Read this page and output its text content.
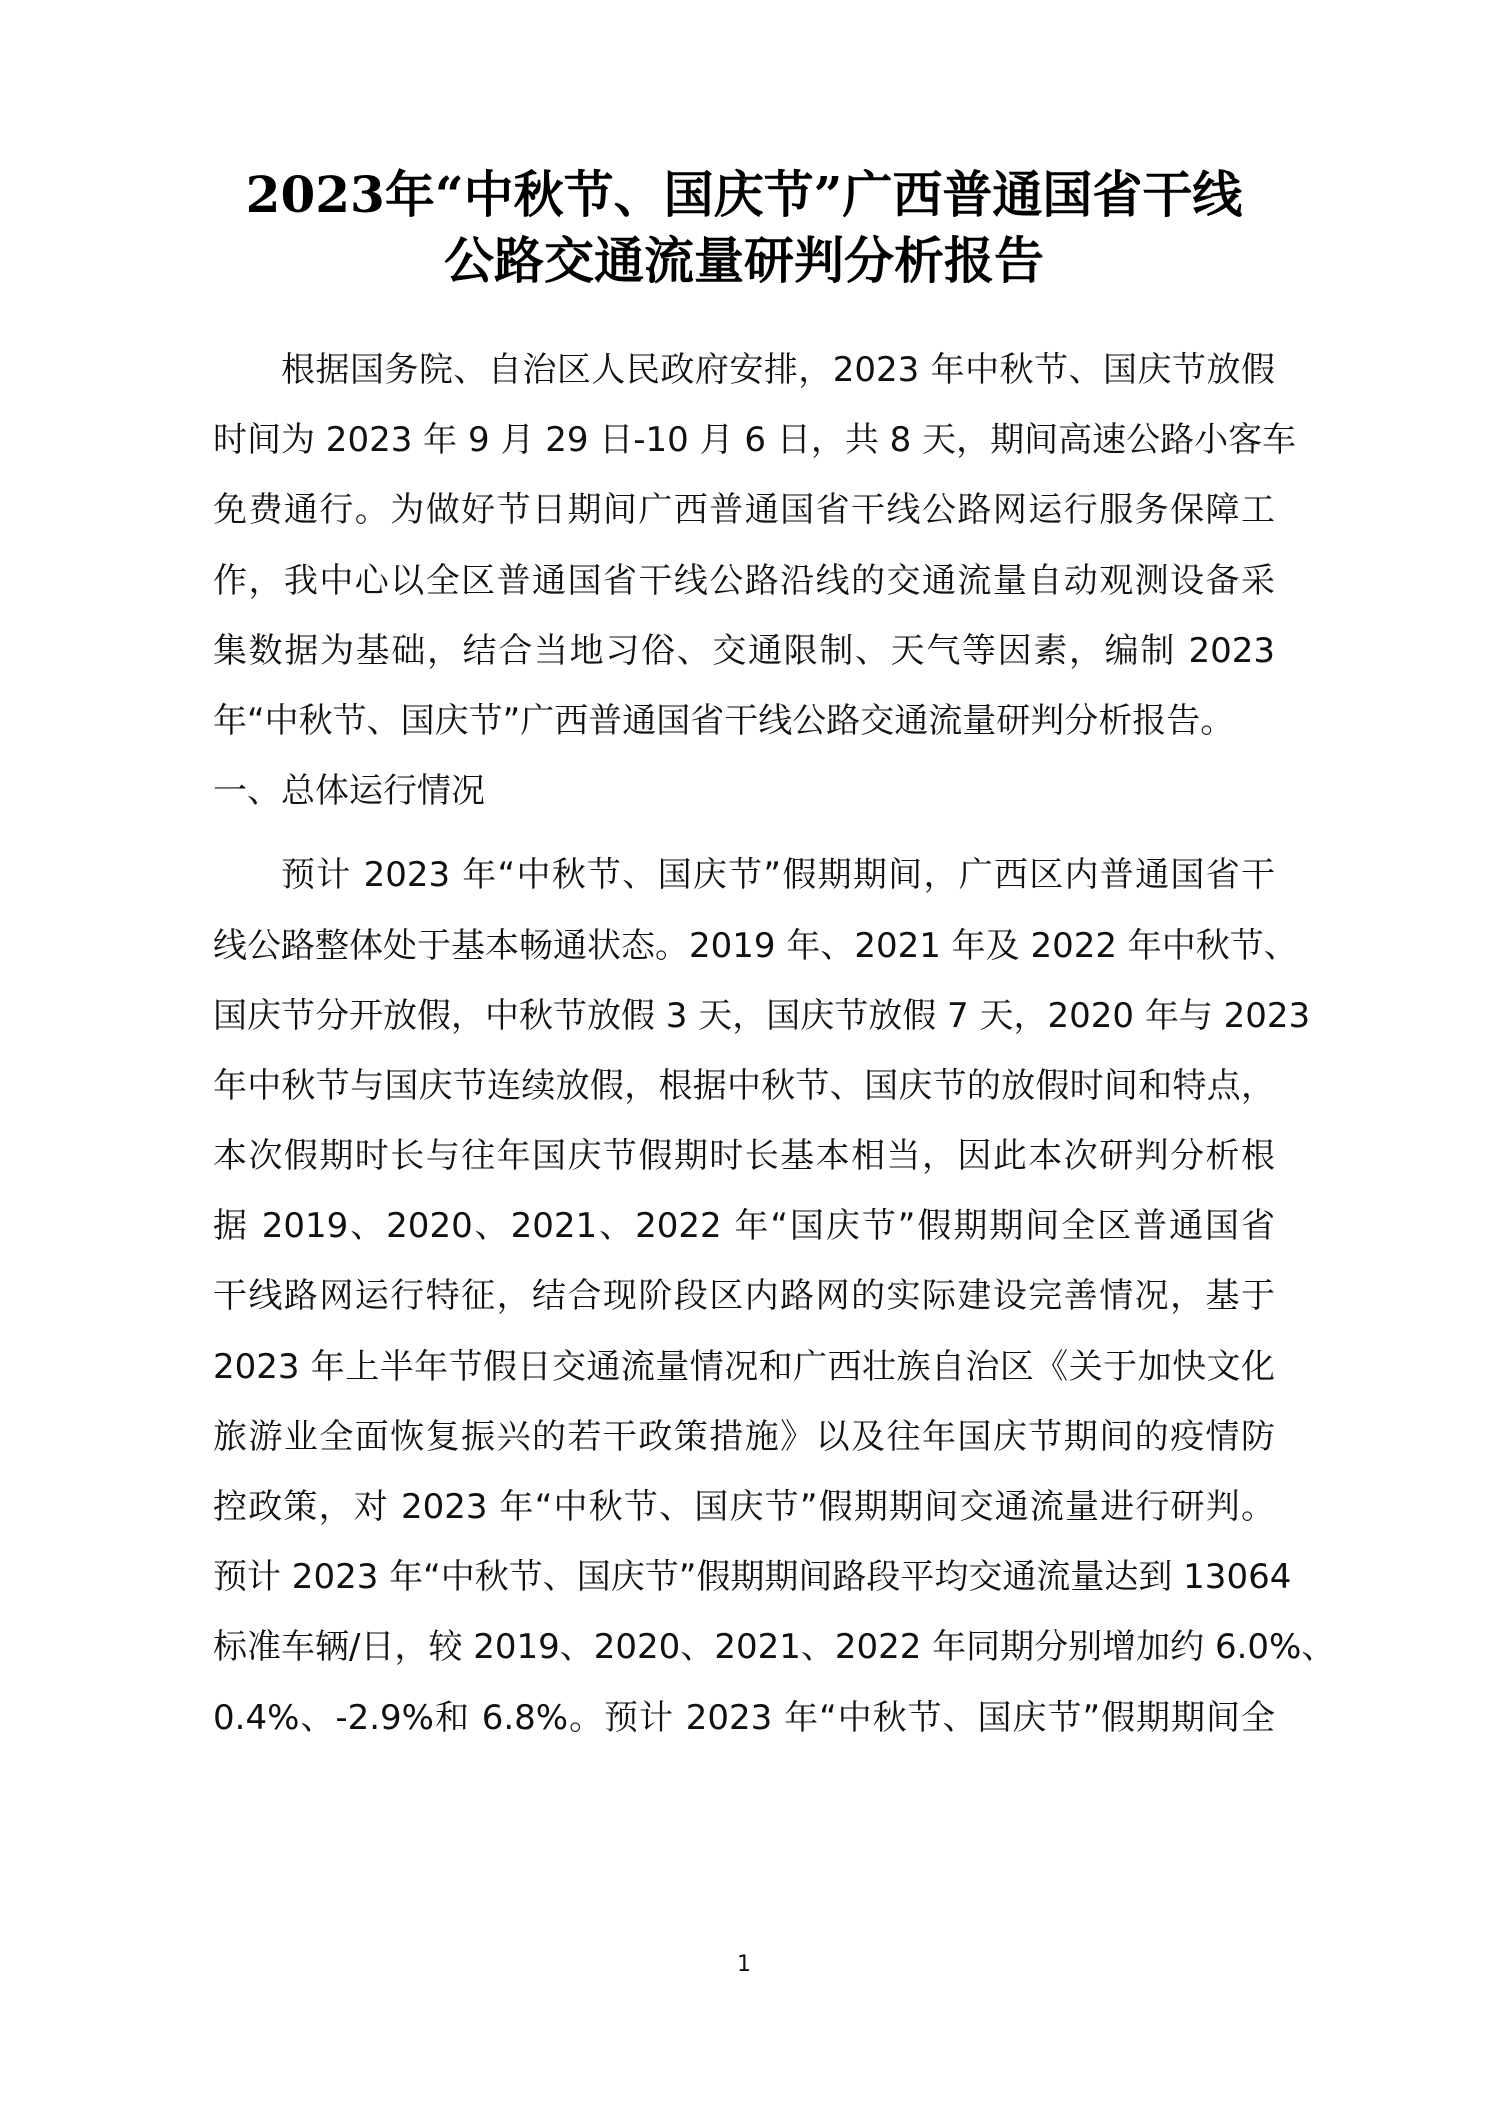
2023年“中秋节、国庆节”广西普通国省干线
公路交通流量研判分析报告
根据国务院、自治区人民政府安排，2023 年中秋节、国庆节放假
时间为 2023 年 9 月 29 日-10 月 6 日，共 8 天，期间高速公路小客车
免费通行。为做好节日期间广西普通国省干线公路网运行服务保障工
作，我中心以全区普通国省干线公路沿线的交通流量自动观测设备采
集数据为基础，结合当地习俗、交通限制、天气等因素，编制 2023
年“中秋节、国庆节”广西普通国省干线公路交通流量研判分析报告。
一、总体运行情况
预计 2023 年“中秋节、国庆节”假期期间，广西区内普通国省干
线公路整体处于基本畅通状态。2019 年、2021 年及 2022 年中秋节、
国庆节分开放假，中秋节放假 3 天，国庆节放假 7 天，2020 年与 2023
年中秋节与国庆节连续放假，根据中秋节、国庆节的放假时间和特点，
本次假期时长与往年国庆节假期时长基本相当，因此本次研判分析根
据 2019、2020、2021、2022 年“国庆节”假期期间全区普通国省
干线路网运行特征，结合现阶段区内路网的实际建设完善情况，基于
2023 年上半年节假日交通流量情况和广西壮族自治区《关于加快文化
旅游业全面恢复振兴的若干政策措施》以及往年国庆节期间的疫情防
控政策，对 2023 年“中秋节、国庆节”假期期间交通流量进行研判。
预计 2023 年“中秋节、国庆节”假期期间路段平均交通流量达到 13064
标准车辆/日，较 2019、2020、2021、2022 年同期分别增加约 6.0%、
0.4%、-2.9%和 6.8%。预计 2023 年“中秋节、国庆节”假期期间全
1
